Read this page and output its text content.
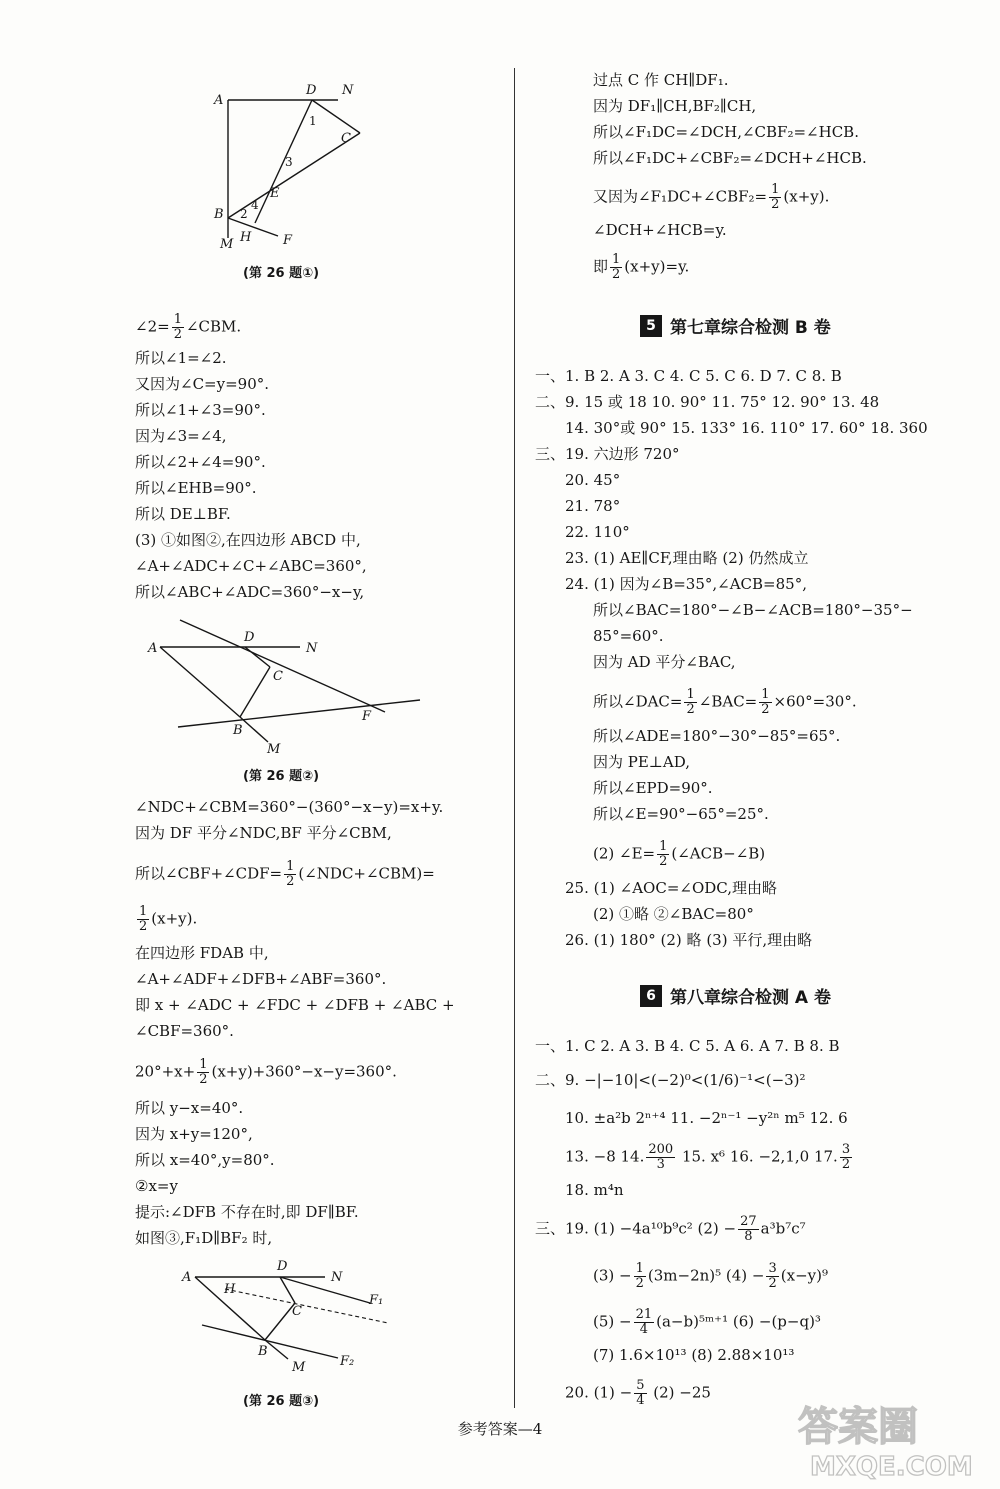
A
D N
C
E
B
H
M	F
1
2
3
4
(第 26 题①)
∠2= $\frac{1}{2}$ ∠CBM.
所以∠1=∠2.
又因为∠C=y=90°.
所以∠1+∠3=90°.
因为∠3=∠4,
所以∠2+∠4=90°.
所以∠EHB=90°.
所以 DE⊥BF.
(3) ①如图②,在四边形 ABCD 中,
∠A+∠ADC+∠C+∠ABC=360°,
所以∠ABC+∠ADC=360°−x−y,
A
D
N
C
F
B
M
(第 26 题②)
∠NDC+∠CBM=360°−(360°−x−y)=x+y.
因为 DF 平分∠NDC,BF 平分∠CBM,
所以∠CBF+∠CDF= $\frac{1}{2}$ (∠NDC+∠CBM)=
$\frac{1}{2} (x+y)$.
在四边形 FDAB 中,
∠A+∠ADF+∠DFB+∠ABF=360°.
即 x + ∠ADC + ∠FDC + ∠DFB + ∠ABC +
∠CBF=360°.
$20^\circ+x+ \frac{1}{2} (x+y)+360^\circ-x-y=360^\circ$.
所以 y−x=40°.
因为 x+y=120°,
所以 x=40°,y=80°.
②x=y
提示:∠DFB 不存在时,即 DF∥BF.
如图③,F₁D∥BF₂ 时,
A
D
N
H
C
F₁
B
M	F₂
(第 26 题③)
过点 C 作 CH∥DF₁.
因为 DF₁∥CH,BF₂∥CH,
所以∠F₁DC=∠DCH,∠CBF₂=∠HCB.
所以∠F₁DC+∠CBF₂=∠DCH+∠HCB.
又因为∠F₁DC+∠CBF₂= $\frac{1}{2} (x+y)$.
∠DCH+∠HCB=y.
即 $\frac{1}{2} (x+y)=y$.
5 第七章综合检测 B 卷
一、1. B 2. A 3. C 4. C 5. C 6. D 7. C 8. B
二、9. 15 或 18 10. 90° 11. 75° 12. 90° 13. 48
14. 30°或 90° 15. 133° 16. 110° 17. 60° 18. 360
三、19. 六边形 720°
20. 45°
21. 78°
22. 110°
23. (1) AE∥CF,理由略 (2) 仍然成立
24. (1) 因为∠B=35°,∠ACB=85°,
所以∠BAC=180°−∠B−∠ACB=180°−35°−
85°=60°.
因为 AD 平分∠BAC,
所以∠DAC= $\frac{1}{2}$ ∠BAC= $\frac{1}{2} \times 60^\circ=30^\circ$.
所以∠ADE=180°−30°−85°=65°.
因为 PE⊥AD,
所以∠EPD=90°.
所以∠E=90°−65°=25°.
(2) ∠E= $\frac{1}{2}$ (∠ACB−∠B)
25. (1) ∠AOC=∠ODC,理由略
(2) ①略 ②∠BAC=80°
26. (1) 180° (2) 略 (3) 平行,理由略
6 第八章综合检测 A 卷
一、1. C 2. A 3. B 4. C 5. A 6. A 7. B 8. B
二、9. −|−10|<(−2)⁰<(1/6)⁻¹<(−3)²
10. ±a²b 2ⁿ⁺⁴ 11. −2ⁿ⁻¹ −y²ⁿ m⁵ 12. 6
13. −8 14. $\frac{200}{3} 15$. x⁶ 16. −2,1,0 17. $\frac{3}{2}$
18. m⁴n
三、19. (1) −4a¹⁰b⁹c² $(2) - \frac{27}{8} a^3b^7c^7$
$(3) - \frac{1}{2} (3m-2n)^5$ $(4) - \frac{3}{2} (x-y)^9$
$(5) - \frac{21}{4}$ (a−b)⁵ᵐ⁺¹ (6) −(p−q)³
(7) 1.6×10¹³ (8) 2.88×10¹³
20. $(1) - \frac{5}{4} (2) -25$
参考答案—4	答案圈
MXQE.COM
